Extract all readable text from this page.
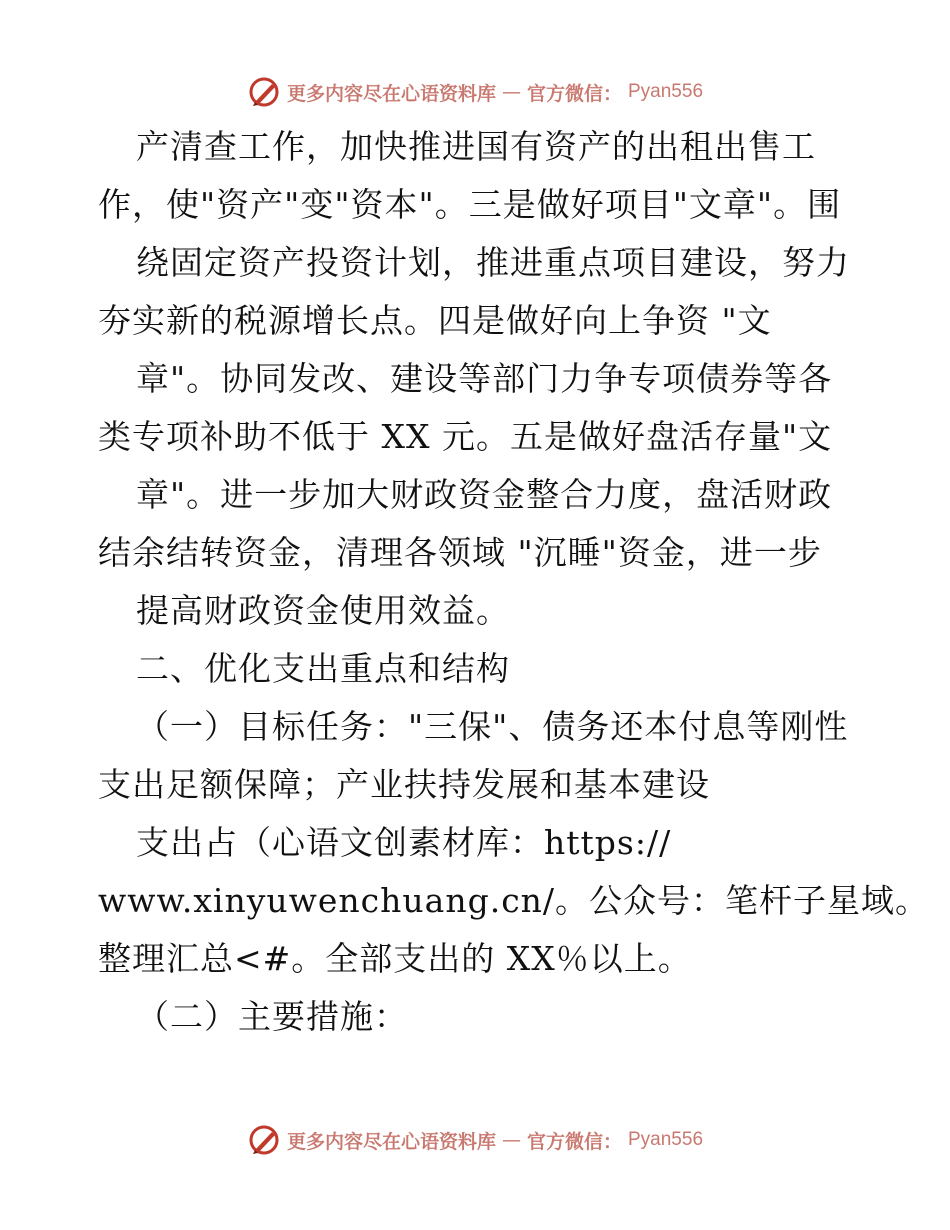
更多内容尽在心语资料库 — 官方微信： Pyan556
产清查工作，加快推进国有资产的出租出售工
作，使"资产"变"资本"。三是做好项目"文章"。围
绕固定资产投资计划，推进重点项目建设，努力
夯实新的税源增长点。四是做好向上争资 "文
章"。协同发改、建设等部门力争专项债券等各
类专项补助不低于 XX 元。五是做好盘活存量"文
章"。进一步加大财政资金整合力度，盘活财政
结余结转资金，清理各领域 "沉睡"资金，进一步
提高财政资金使用效益。
二、优化支出重点和结构
（一）目标任务："三保"、债务还本付息等刚性
支出足额保障；产业扶持发展和基本建设
支出占（心语文创素材库：https://
www.xinyuwenchuang.cn/。公众号：笔杆子星域。
整理汇总<#。全部支出的 XX％以上。
（二）主要措施：
更多内容尽在心语资料库 — 官方微信： Pyan556
